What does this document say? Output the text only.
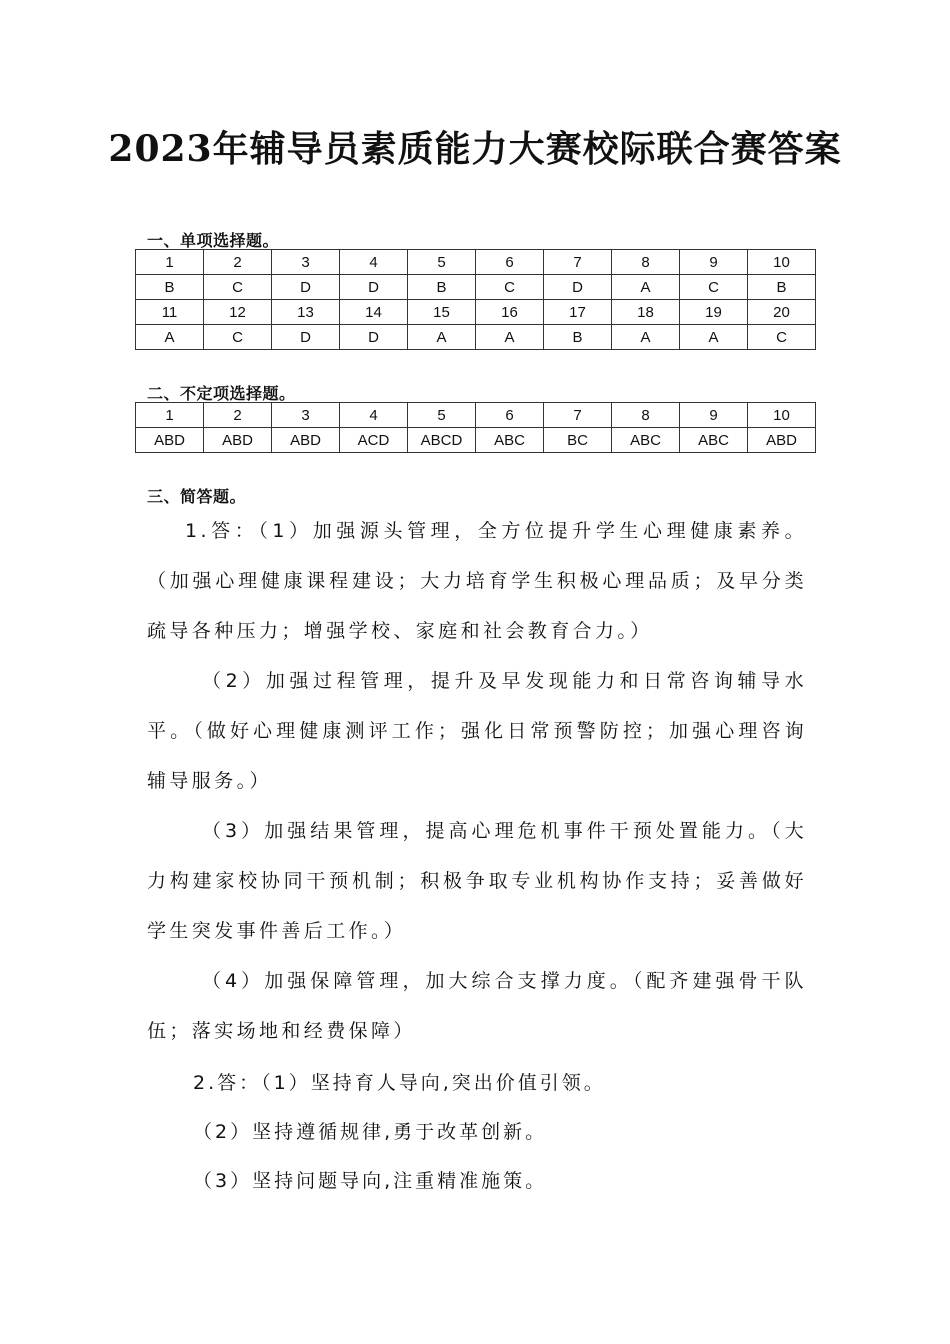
2023年辅导员素质能力大赛校际联合赛答案
一、单项选择题。
1	2	3	4	5	6	7	8	9	10
B	C	D	D	B	C	D	A	C	B
11	12	13	14	15	16	17	18	19	20
A	C	D	D	A	A	B	A	A	C
二、不定项选择题。
1	2	3	4	5	6	7	8	9	10
ABD	ABD	ABD	ACD	ABCD	ABC	BC	ABC	ABC	ABD
三、简答题。
1.答：（1）加强源头管理，全方位提升学生心理健康素养。（加强心理健康课程建设；大力培育学生积极心理品质；及早分类疏导各种压力；增强学校、家庭和社会教育合力。）
（2）加强过程管理，提升及早发现能力和日常咨询辅导水平。（做好心理健康测评工作；强化日常预警防控；加强心理咨询辅导服务。）
（3）加强结果管理，提高心理危机事件干预处置能力。（大力构建家校协同干预机制；积极争取专业机构协作支持；妥善做好学生突发事件善后工作。）
（4）加强保障管理，加大综合支撑力度。（配齐建强骨干队伍；落实场地和经费保障）
2.答：（1）坚持育人导向,突出价值引领。
（2）坚持遵循规律,勇于改革创新。
（3）坚持问题导向,注重精准施策。
